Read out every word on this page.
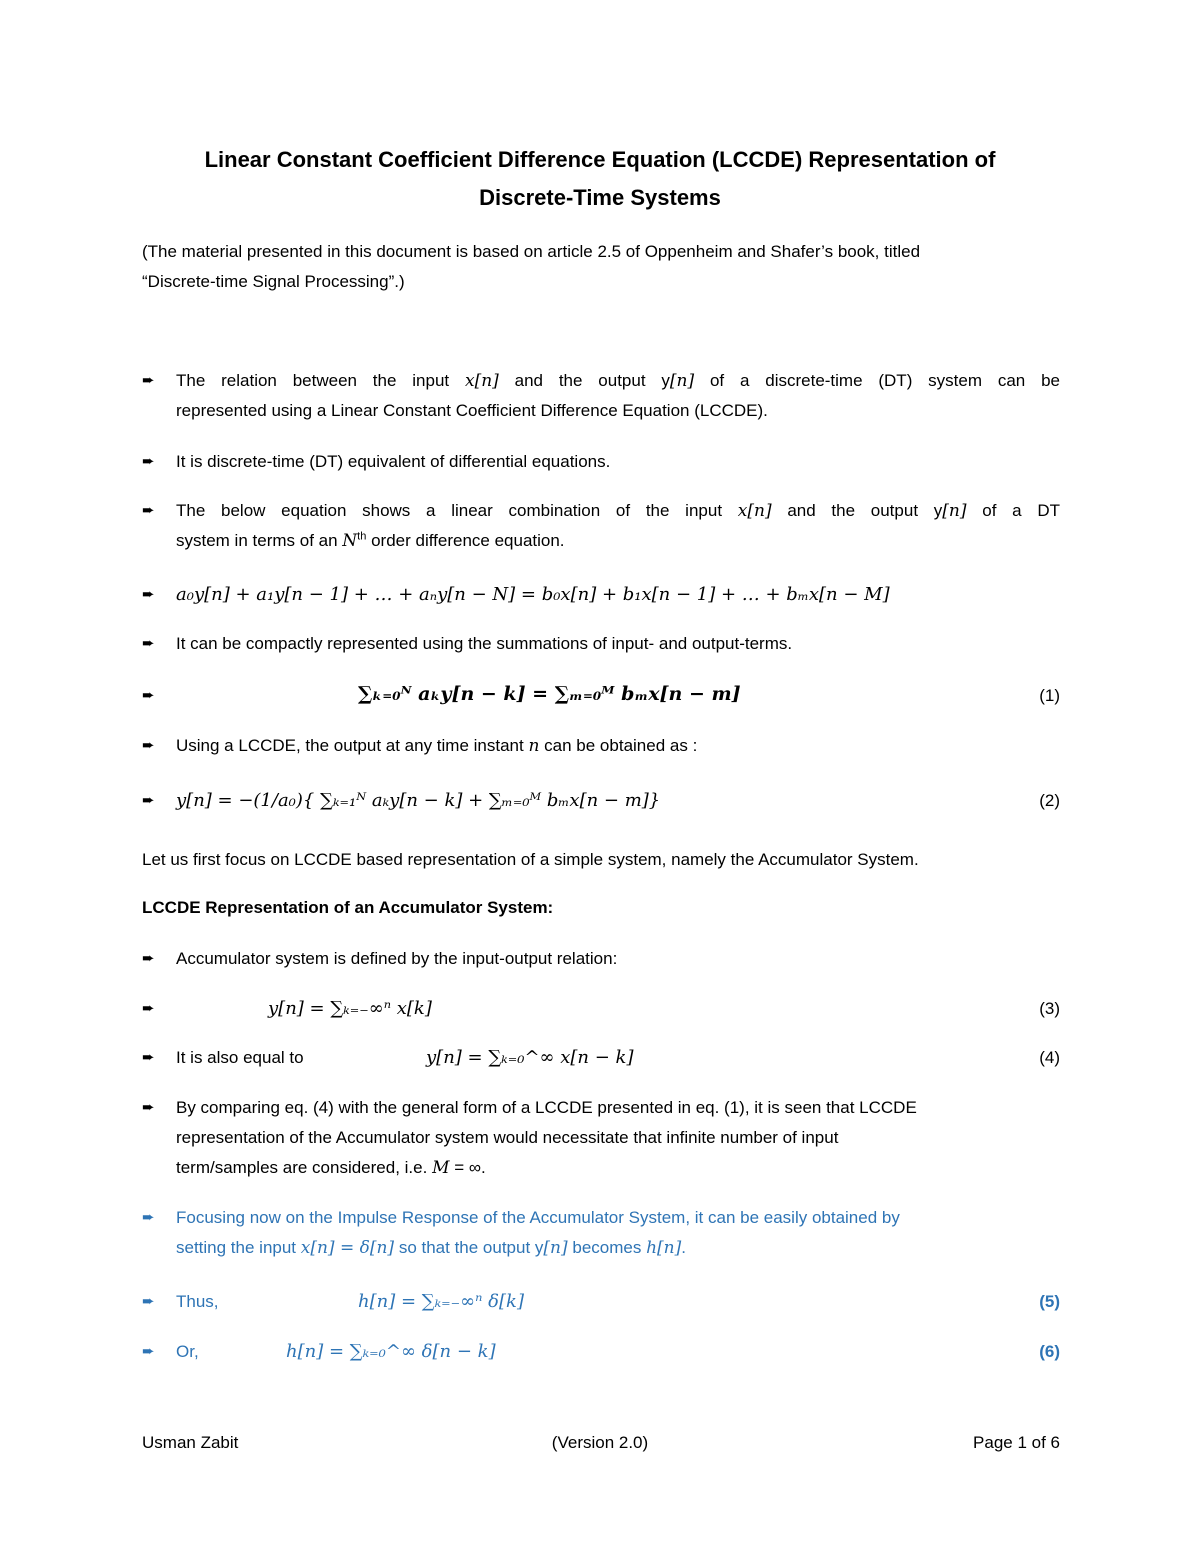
Linear Constant Coefficient Difference Equation (LCCDE) Representation of
Discrete-Time Systems
(The material presented in this document is based on article 2.5 of Oppenheim and Shafer’s book, titled
“Discrete-time Signal Processing”.)
➨	The relation between the input x[n] and the output y[n] of a discrete-time (DT) system can be
represented using a Linear Constant Coefficient Difference Equation (LCCDE).
➨	It is discrete-time (DT) equivalent of differential equations.
➨	The below equation shows a linear combination of the input x[n] and the output y[n] of a DT
system in terms of an $N^{th}$ order difference equation.
➨	a₀y[n] + a₁y[n − 1] + … + aₙy[n − N] = b₀x[n] + b₁x[n − 1] + … + bₘx[n − M]
➨	It can be compactly represented using the summations of input- and output-terms.
➨	∑ₖ₌₀ᴺ aₖy[n − k] = ∑ₘ₌₀ᴹ bₘx[n − m]	(1)
➨	Using a LCCDE, the output at any time instant n can be obtained as :
➨	y[n] = −(1/a₀){ ∑ₖ₌₁ᴺ aₖy[n − k] + ∑ₘ₌₀ᴹ bₘx[n − m]}	(2)
Let us first focus on LCCDE based representation of a simple system, namely the Accumulator System.
LCCDE Representation of an Accumulator System:
➨	Accumulator system is defined by the input-output relation:
➨	y[n] = ∑ₖ₌₋∞ⁿ x[k]	(3)
➨	It is also equal to	y[n] = ∑ₖ₌₀^∞ x[n − k]	(4)
➨	By comparing eq. (4) with the general form of a LCCDE presented in eq. (1), it is seen that LCCDE
representation of the Accumulator system would necessitate that infinite number of input
term/samples are considered, i.e. M = ∞.
➨	Focusing now on the Impulse Response of the Accumulator System, it can be easily obtained by
setting the input x[n] = δ[n] so that the output y[n] becomes h[n].
➨	Thus,	h[n] = ∑ₖ₌₋∞ⁿ δ[k]	(5)
➨	Or,	h[n] = ∑ₖ₌₀^∞ δ[n − k]	(6)
Usman Zabit	(Version 2.0)	Page 1 of 6
